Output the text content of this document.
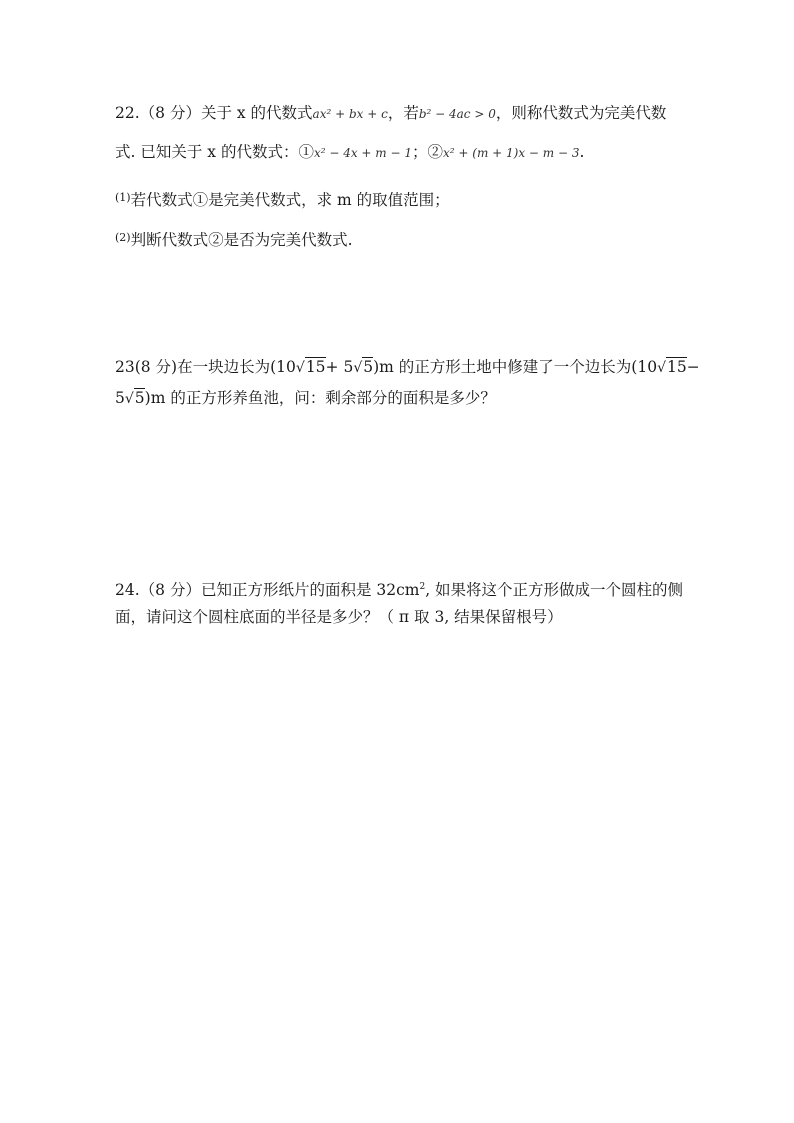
22.（8 分）关于 x 的代数式ax² + bx + c，若b² − 4ac > 0，则称代数式为完美代数
式. 已知关于 x 的代数式：①x² − 4x + m − 1；②x² + (m + 1)x − m − 3.
$^{(1)}$若代数式①是完美代数式，求 m 的取值范围；
$^{(2)}$判断代数式②是否为完美代数式.
23(8 分)在一块边长为(10√15+ 5√5)m 的正方形土地中修建了一个边长为(10√15−
5√5)m 的正方形养鱼池，问：剩余部分的面积是多少？
24.（8 分）已知正方形纸片的面积是 $32cm^2$, 如果将这个正方形做成一个圆柱的侧
面，请问这个圆柱底面的半径是多少？（ π 取 3, 结果保留根号）
